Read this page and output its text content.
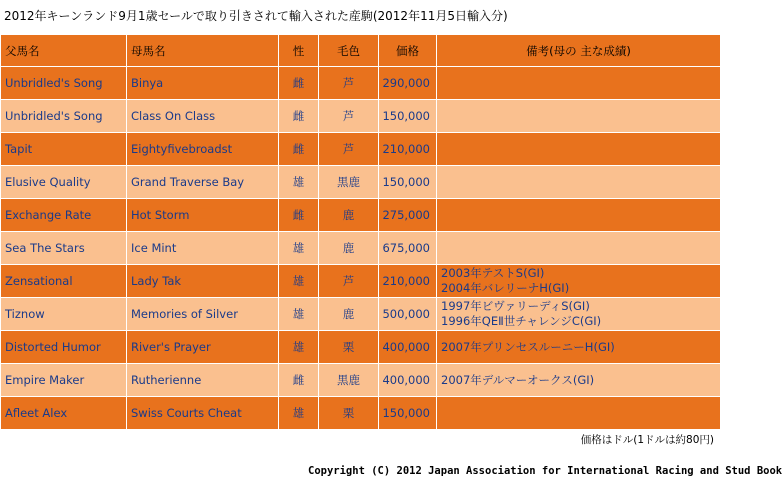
2012年キーンランド9月1歳セールで取り引きされて輸入された産駒(2012年11月5日輸入分)
父馬名	母馬名	性	毛色	価格	備考(母の 主な成績)
Unbridled's Song	Binya	雌	芦	290,000	
Unbridled's Song	Class On Class	雌	芦	150,000	
Tapit	Eightyfivebroadst	雌	芦	210,000	
Elusive Quality	Grand Traverse Bay	雄	黒鹿	150,000	
Exchange Rate	Hot Storm	雌	鹿	275,000	
Sea The Stars	Ice Mint	雄	鹿	675,000	
Zensational	Lady Tak	雄	芦	210,000	2003年テストS(GⅠ)
2004年バレリーナH(GⅠ)

Tiznow	Memories of Silver	雄	鹿	500,000	1997年ビヴァリーディS(GⅠ)
1996年QEⅡ世チャレンジC(GⅠ)

Distorted Humor	River's Prayer	雄	栗	400,000	2007年プリンセスルーニーH(GⅠ)

Empire Maker	Rutherienne	雌	黒鹿	400,000	2007年デルマーオークス(GⅠ)

Afleet Alex	Swiss Courts Cheat	雄	栗	150,000	
価格はドル(1ドルは約80円)
Copyright (C) 2012 Japan Association for International Racing and Stud Book
